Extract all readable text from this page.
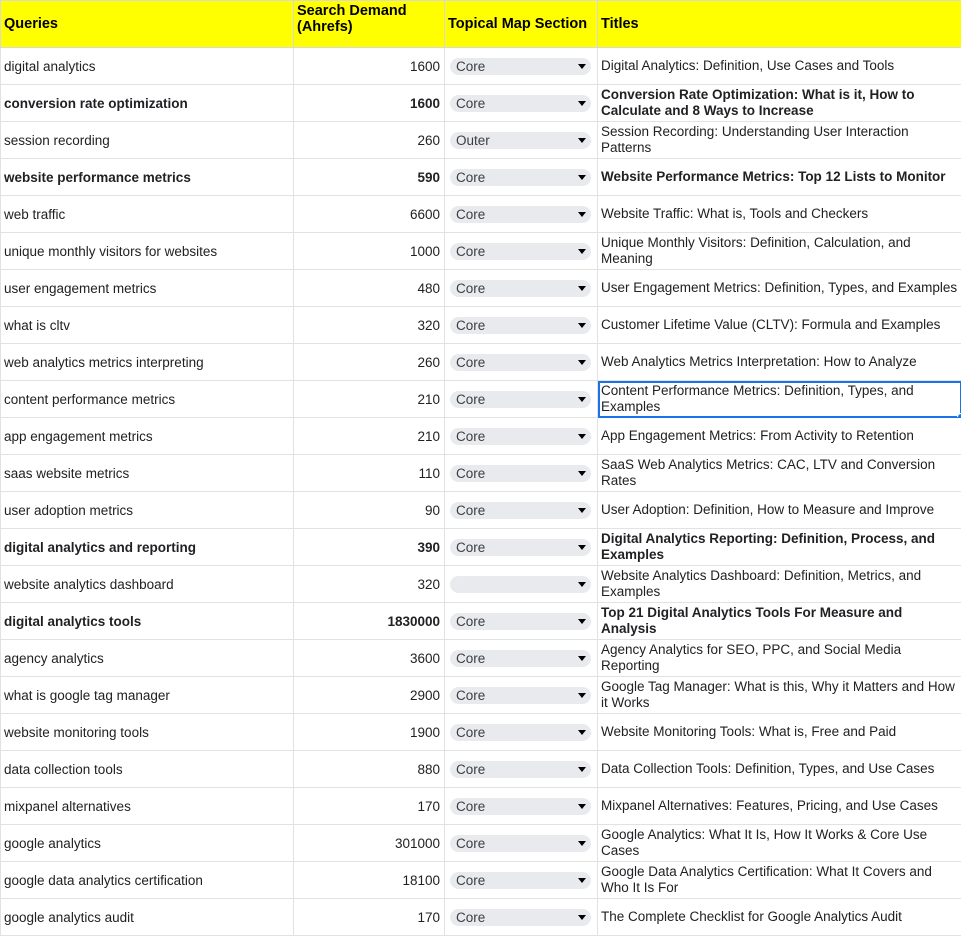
Queries	Search Demand (Ahrefs)	Topical Map Section	Titles
digital analytics	1600	Core	Digital Analytics: Definition, Use Cases and Tools

conversion rate optimization	1600	Core	Conversion Rate Optimization: What is it, How to Calculate and 8 Ways to Increase

session recording	260	Outer	Session Recording: Understanding User Interaction Patterns

website performance metrics	590	Core	Website Performance Metrics: Top 12 Lists to Monitor

web traffic	6600	Core	Website Traffic: What is, Tools and Checkers

unique monthly visitors for websites	1000	Core	Unique Monthly Visitors: Definition, Calculation, and Meaning

user engagement metrics	480	Core	User Engagement Metrics: Definition, Types, and Examples

what is cltv	320	Core	Customer Lifetime Value (CLTV): Formula and Examples

web analytics metrics interpreting	260	Core	Web Analytics Metrics Interpretation: How to Analyze

content performance metrics	210	Core	Content Performance Metrics: Definition, Types, and Examples

app engagement metrics	210	Core	App Engagement Metrics: From Activity to Retention

saas website metrics	110	Core	SaaS Web Analytics Metrics: CAC, LTV and Conversion Rates

user adoption metrics	90	Core	User Adoption: Definition, How to Measure and Improve

digital analytics and reporting	390	Core	Digital Analytics Reporting: Definition, Process, and Examples

website analytics dashboard	320		Website Analytics Dashboard: Definition, Metrics, and Examples

digital analytics tools	1830000	Core	Top 21 Digital Analytics Tools For Measure and Analysis

agency analytics	3600	Core	Agency Analytics for SEO, PPC, and Social Media Reporting

what is google tag manager	2900	Core	Google Tag Manager: What is this, Why it Matters and How it Works

website monitoring tools	1900	Core	Website Monitoring Tools: What is, Free and Paid

data collection tools	880	Core	Data Collection Tools: Definition, Types, and Use Cases

mixpanel alternatives	170	Core	Mixpanel Alternatives: Features, Pricing, and Use Cases

google analytics	301000	Core	Google Analytics: What It Is, How It Works & Core Use Cases

google data analytics certification	18100	Core	Google Data Analytics Certification: What It Covers and Who It Is For

google analytics audit	170	Core	The Complete Checklist for Google Analytics Audit
